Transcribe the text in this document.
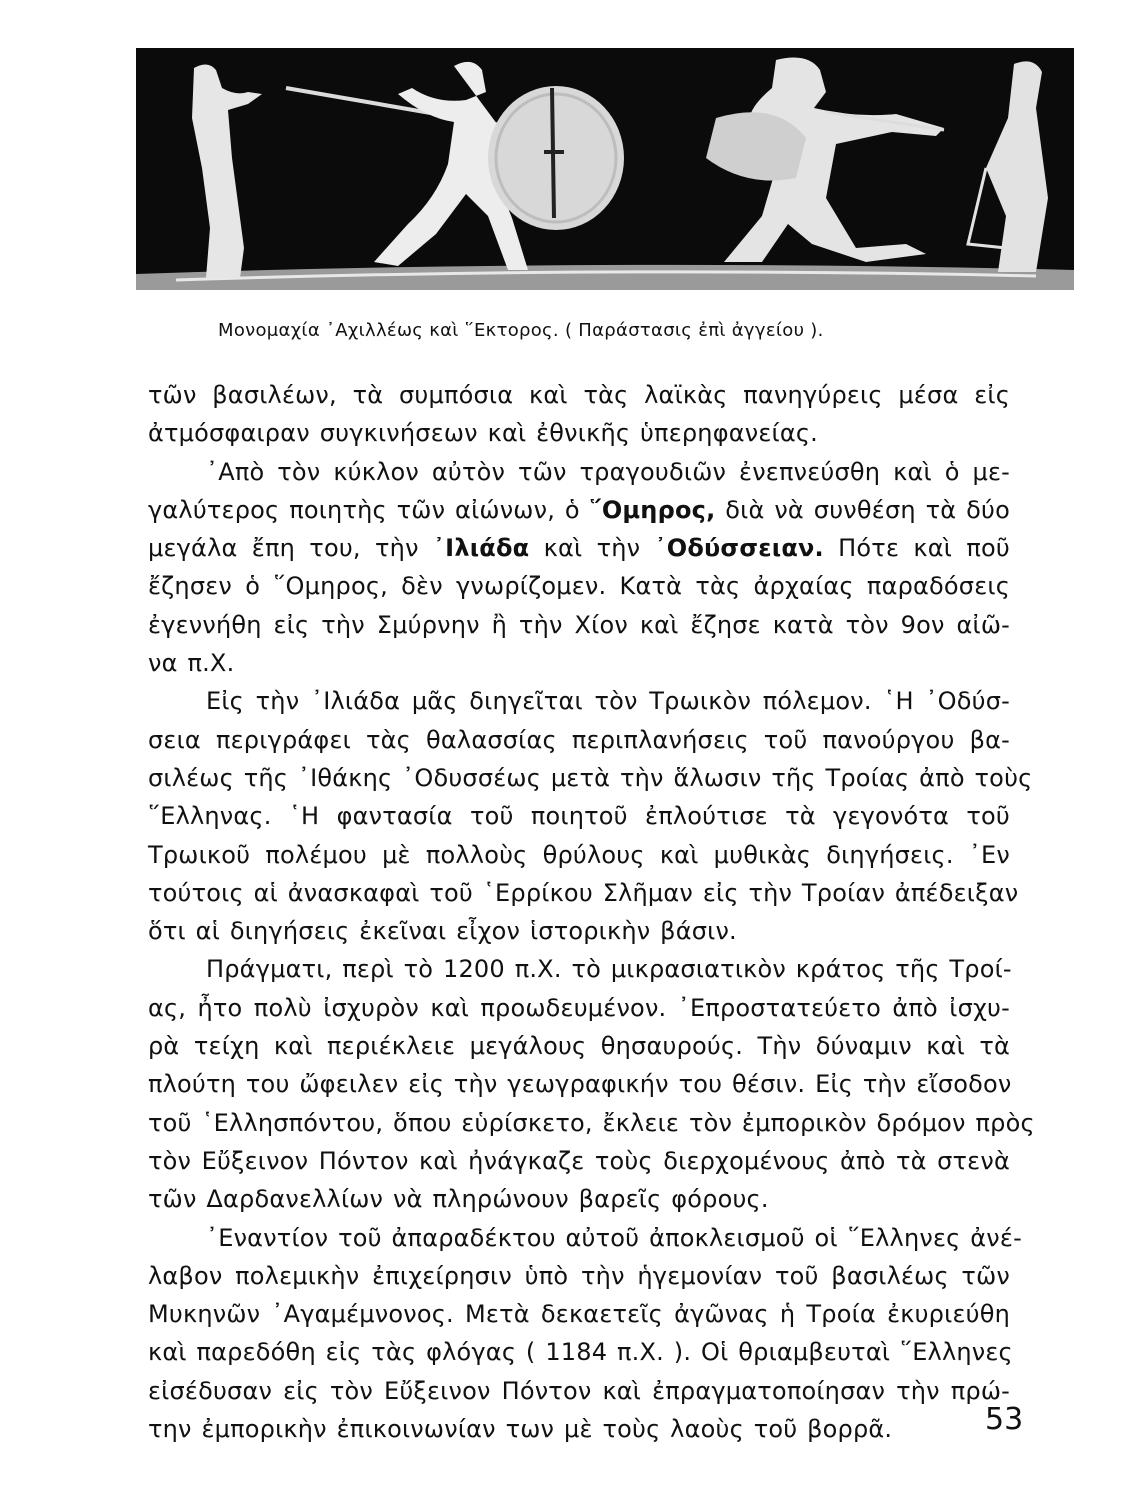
Μονομαχία ᾿Αχιλλέως καὶ ῞Εκτορος. ( Παράστασις ἐπὶ ἀγγείου ).
τῶν βασιλέων, τὰ συμπόσια καὶ τὰς λαϊκὰς πανηγύρεις μέσα εἰς
ἀτμόσφαιραν συγκινήσεων καὶ ἐθνικῆς ὑπερηφανείας.
᾿Απὸ τὸν κύκλον αὐτὸν τῶν τραγουδιῶν ἐνεπνεύσθη καὶ ὁ με-
γαλύτερος ποιητὴς τῶν αἰώνων, ὁ ῞Ομηρος, διὰ νὰ συνθέση τὰ δύο
μεγάλα ἔπη του, τὴν ᾿Ιλιάδα καὶ τὴν ᾿Οδύσσειαν. Πότε καὶ ποῦ
ἔζησεν ὁ ῞Ομηρος, δὲν γνωρίζομεν. Κατὰ τὰς ἀρχαίας παραδόσεις
ἐγεννήθη εἰς τὴν Σμύρνην ἢ τὴν Χίον καὶ ἔζησε κατὰ τὸν 9ον αἰῶ-
να π.Χ.
Εἰς τὴν ᾿Ιλιάδα μᾶς διηγεῖται τὸν Τρωικὸν πόλεμον. ῾Η ᾿Οδύσ-
σεια περιγράφει τὰς θαλασσίας περιπλανήσεις τοῦ πανούργου βα-
σιλέως τῆς ᾿Ιθάκης ᾿Οδυσσέως μετὰ τὴν ἅλωσιν τῆς Τροίας ἀπὸ τοὺς
῞Ελληνας. ῾Η φαντασία τοῦ ποιητοῦ ἐπλούτισε τὰ γεγονότα τοῦ
Τρωικοῦ πολέμου μὲ πολλοὺς θρύλους καὶ μυθικὰς διηγήσεις. ᾿Εν
τούτοις αἱ ἀνασκαφαὶ τοῦ ῾Ερρίκου Σλῆμαν εἰς τὴν Τροίαν ἀπέδειξαν
ὅτι αἱ διηγήσεις ἐκεῖναι εἶχον ἱστορικὴν βάσιν.
Πράγματι, περὶ τὸ 1200 π.Χ. τὸ μικρασιατικὸν κράτος τῆς Τροί-
ας, ἦτο πολὺ ἰσχυρὸν καὶ προωδευμένον. ᾿Επροστατεύετο ἀπὸ ἰσχυ-
ρὰ τείχη καὶ περιέκλειε μεγάλους θησαυρούς. Τὴν δύναμιν καὶ τὰ
πλούτη του ὤφειλεν εἰς τὴν γεωγραφικήν του θέσιν. Εἰς τὴν εἴσοδον
τοῦ ῾Ελλησπόντου, ὅπου εὑρίσκετο, ἔκλειε τὸν ἐμπορικὸν δρόμον πρὸς
τὸν Εὔξεινον Πόντον καὶ ἠνάγκαζε τοὺς διερχομένους ἀπὸ τὰ στενὰ
τῶν Δαρδανελλίων νὰ πληρώνουν βαρεῖς φόρους.
᾿Εναντίον τοῦ ἀπαραδέκτου αὐτοῦ ἀποκλεισμοῦ οἱ ῞Ελληνες ἀνέ-
λαβον πολεμικὴν ἐπιχείρησιν ὑπὸ τὴν ἡγεμονίαν τοῦ βασιλέως τῶν
Μυκηνῶν ᾿Αγαμέμνονος. Μετὰ δεκαετεῖς ἀγῶνας ἡ Τροία ἐκυριεύθη
καὶ παρεδόθη εἰς τὰς φλόγας ( 1184 π.Χ. ). Οἱ θριαμβευταὶ ῞Ελληνες
εἰσέδυσαν εἰς τὸν Εὔξεινον Πόντον καὶ ἐπραγματοποίησαν τὴν πρώ-
την ἐμπορικὴν ἐπικοινωνίαν των μὲ τοὺς λαοὺς τοῦ βορρᾶ.	53
